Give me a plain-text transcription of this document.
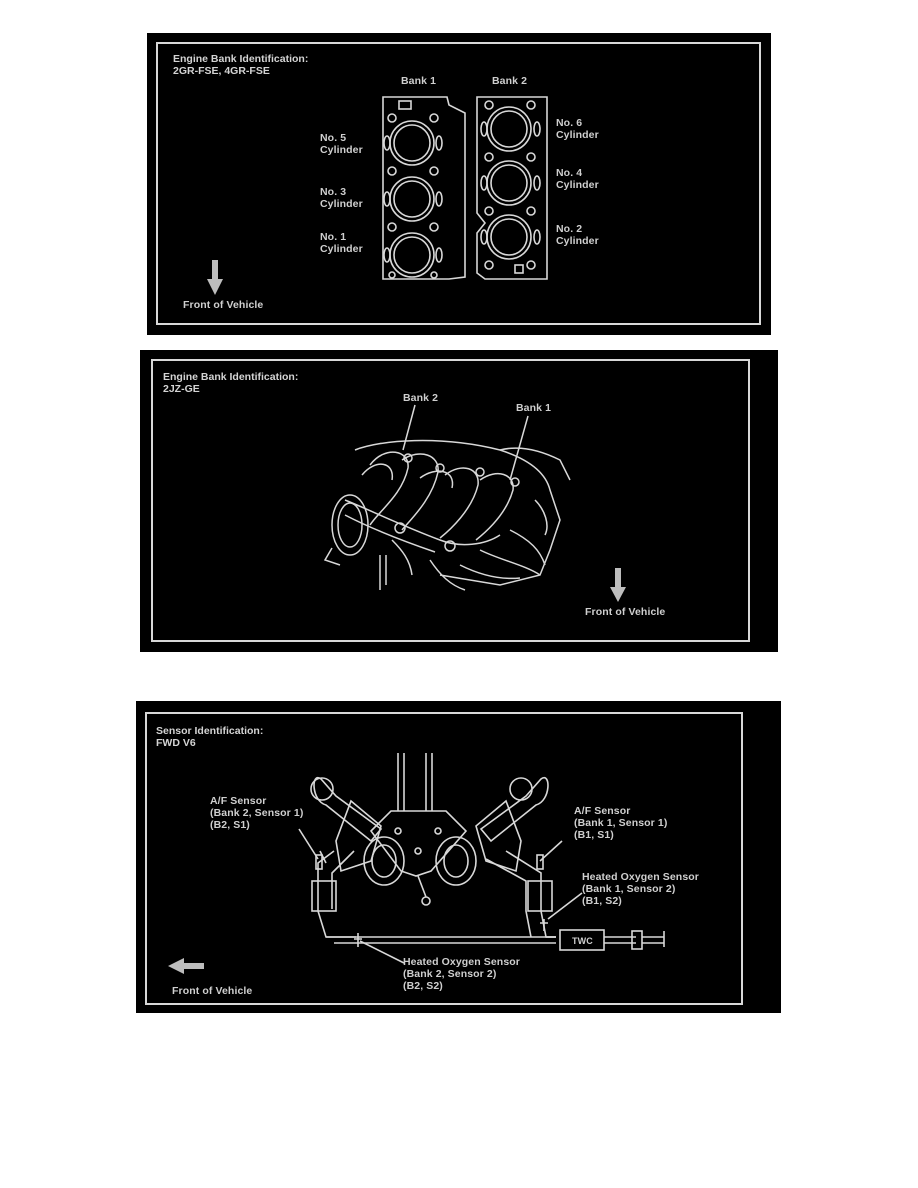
Engine Bank Identification:
2GR-FSE, 4GR-FSE
Bank 1	Bank 2
No. 5
Cylinder
No. 3
Cylinder
No. 1
Cylinder
No. 6
Cylinder
No. 4
Cylinder
No. 2
Cylinder
Front of Vehicle
Engine Bank Identification:
2JZ-GE
Bank 2
Bank 1
Front of Vehicle
Sensor Identification:
FWD V6
A/F Sensor
(Bank 2, Sensor 1)
(B2, S1)
A/F Sensor
(Bank 1, Sensor 1)
(B1, S1)
Heated Oxygen Sensor
(Bank 1, Sensor 2)
(B1, S2)
Heated Oxygen Sensor
(Bank 2, Sensor 2)
(B2, S2)
TWC
Front of Vehicle
